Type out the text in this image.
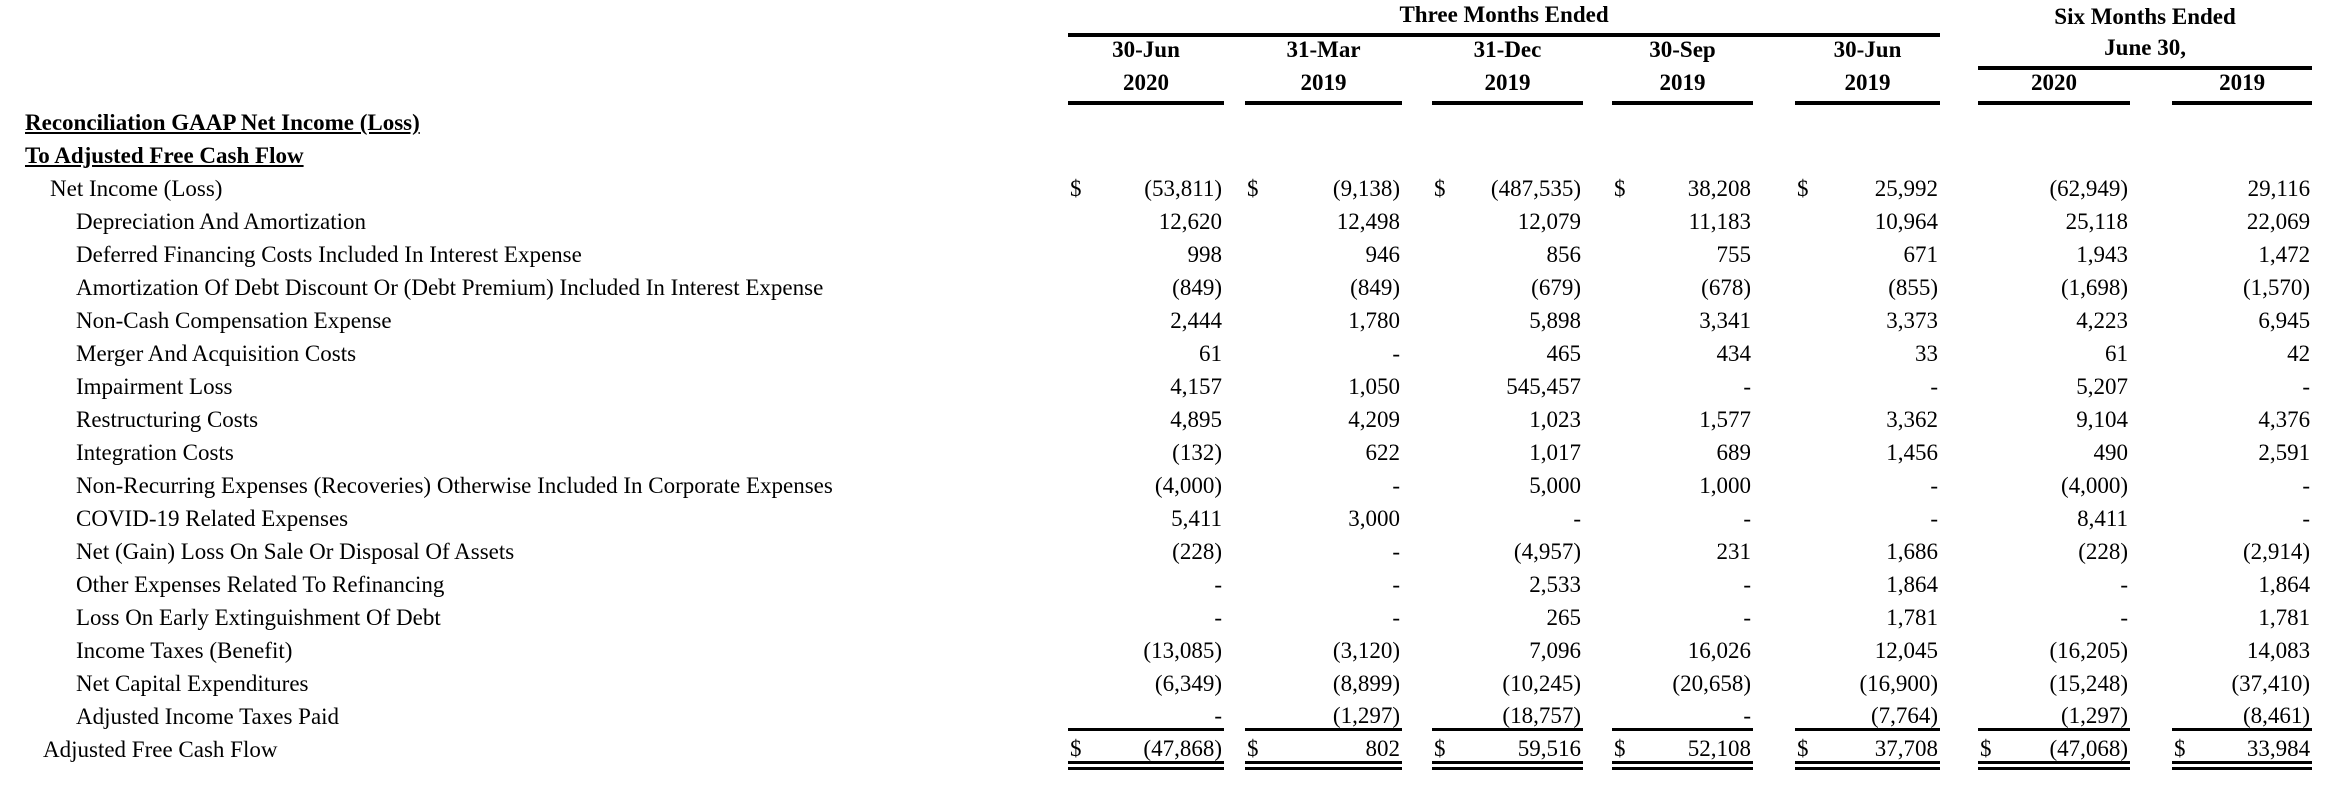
	Three Months Ended															Six Months Ended					
	30-Jun			31-Mar			31-Dec			30-Sep			30-Jun			June 30,					
	2020			2019			2019			2019			2019			2020			2019		
Reconciliation GAAP Net Income (Loss)																					
To Adjusted Free Cash Flow																					
Net Income (Loss)	$	(53,811)		$	(9,138)		$	(487,535)		$	38,208		$	25,992			(62,949)			29,116	
Depreciation And Amortization		12,620			12,498			12,079			11,183			10,964			25,118			22,069	
Deferred Financing Costs Included In Interest Expense		998			946			856			755			671			1,943			1,472	
Amortization Of Debt Discount Or (Debt Premium) Included In Interest Expense		(849)			(849)			(679)			(678)			(855)			(1,698)			(1,570)	
Non-Cash Compensation Expense		2,444			1,780			5,898			3,341			3,373			4,223			6,945	
Merger And Acquisition Costs		61			-			465			434			33			61			42	
Impairment Loss		4,157			1,050			545,457			-			-			5,207			-	
Restructuring Costs		4,895			4,209			1,023			1,577			3,362			9,104			4,376	
Integration Costs		(132)			622			1,017			689			1,456			490			2,591	
Non-Recurring Expenses (Recoveries) Otherwise Included In Corporate Expenses		(4,000)			-			5,000			1,000			-			(4,000)			-	
COVID-19 Related Expenses		5,411			3,000			-			-			-			8,411			-	
Net (Gain) Loss On Sale Or Disposal Of Assets		(228)			-			(4,957)			231			1,686			(228)			(2,914)	
Other Expenses Related To Refinancing		-			-			2,533			-			1,864			-			1,864	
Loss On Early Extinguishment Of Debt		-			-			265			-			1,781			-			1,781	
Income Taxes (Benefit)		(13,085)			(3,120)			7,096			16,026			12,045			(16,205)			14,083	
Net Capital Expenditures		(6,349)			(8,899)			(10,245)			(20,658)			(16,900)			(15,248)			(37,410)	
Adjusted Income Taxes Paid		-			(1,297)			(18,757)			-			(7,764)			(1,297)			(8,461)	
Adjusted Free Cash Flow	$	(47,868)		$	802		$	59,516		$	52,108		$	37,708		$	(47,068)		$	33,984	
